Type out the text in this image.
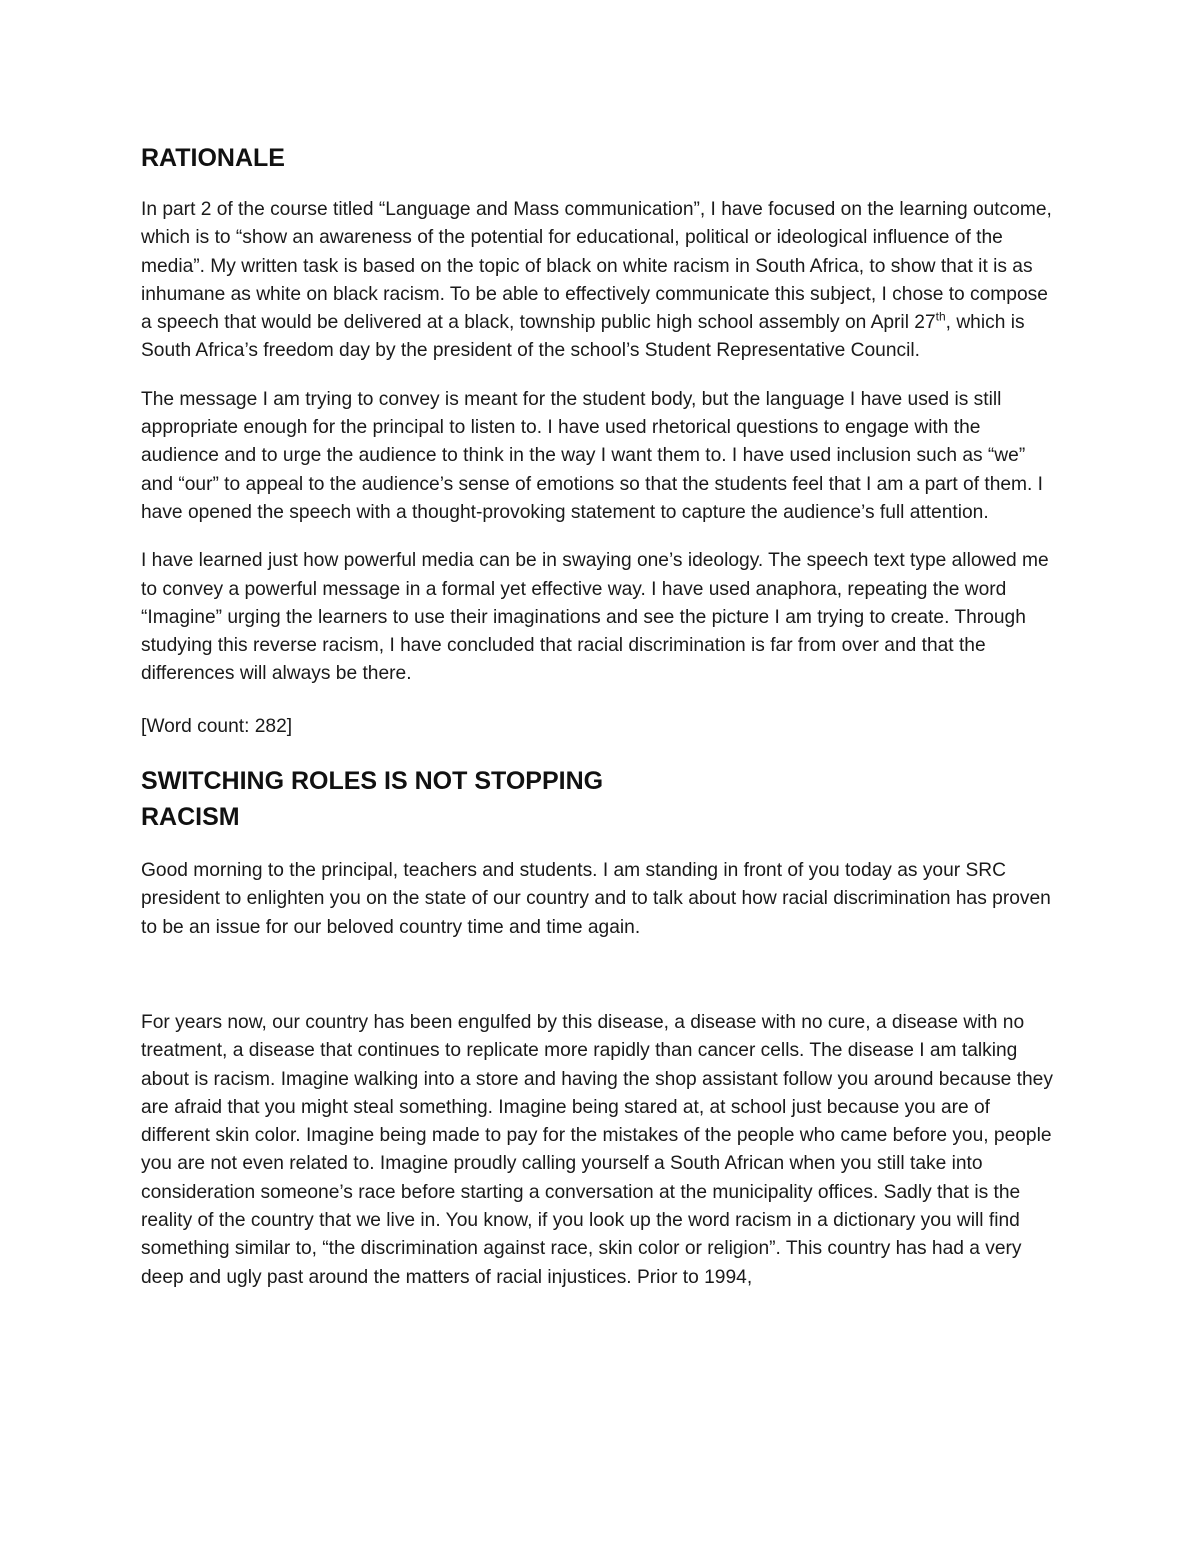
RATIONALE

In part 2 of the course titled “Language and Mass communication”, I have focused on the learning outcome, which is to “show an awareness of the potential for educational, political or ideological influence of the media”. My written task is based on the topic of black on white racism in South Africa, to show that it is as inhumane as white on black racism. To be able to effectively communicate this subject, I chose to compose a speech that would be delivered at a black, township public high school assembly on April 27th, which is South Africa’s freedom day by the president of the school’s Student Representative Council.

The message I am trying to convey is meant for the student body, but the language I have used is still appropriate enough for the principal to listen to. I have used rhetorical questions to engage with the audience and to urge the audience to think in the way I want them to. I have used inclusion such as “we” and “our” to appeal to the audience’s sense of emotions so that the students feel that I am a part of them. I have opened the speech with a thought-provoking statement to capture the audience’s full attention.

I have learned just how powerful media can be in swaying one’s ideology. The speech text type allowed me to convey a powerful message in a formal yet effective way. I have used anaphora, repeating the word “Imagine” urging the learners to use their imaginations and see the picture I am trying to create. Through studying this reverse racism, I have concluded that racial discrimination is far from over and that the differences will always be there.

[Word count: 282]

SWITCHING ROLES IS NOT STOPPING
RACISM

Good morning to the principal, teachers and students. I am standing in front of you today as your SRC president to enlighten you on the state of our country and to talk about how racial discrimination has proven to be an issue for our beloved country time and time again.

For years now, our country has been engulfed by this disease, a disease with no cure, a disease with no treatment, a disease that continues to replicate more rapidly than cancer cells. The disease I am talking about is racism. Imagine walking into a store and having the shop assistant follow you around because they are afraid that you might steal something. Imagine being stared at, at school just because you are of different skin color. Imagine being made to pay for the mistakes of the people who came before you, people you are not even related to. Imagine proudly calling yourself a South African when you still take into consideration someone’s race before starting a conversation at the municipality offices. Sadly that is the reality of the country that we live in. You know, if you look up the word racism in a dictionary you will find something similar to, “the discrimination against race, skin color or religion”. This country has had a very deep and ugly past around the matters of racial injustices. Prior to 1994,
